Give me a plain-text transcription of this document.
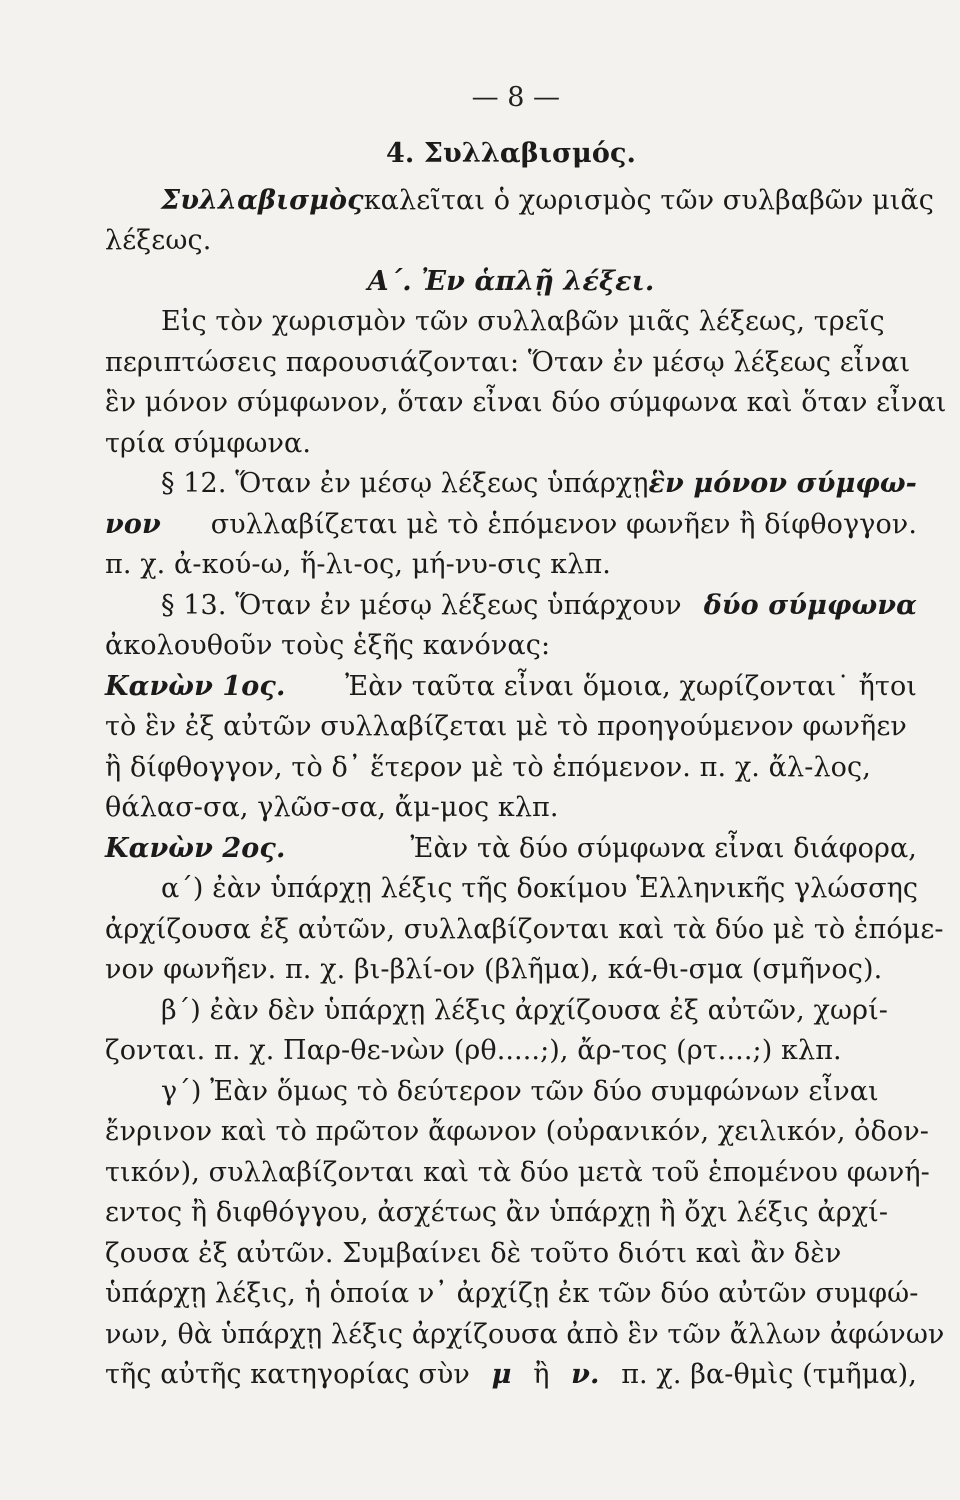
— 8 —
4. Συλλαβισμός.
Συλλαβισμὸς καλεῖται ὁ χωρισμὸς τῶν συλβαβῶν μιᾶς
λέξεως.
Α΄. Ἐν ἁπλῇ λέξει.
Εἰς τὸν χωρισμὸν τῶν συλλαβῶν μιᾶς λέξεως, τρεῖς
περιπτώσεις παρουσιάζονται: Ὅταν ἐν μέσῳ λέξεως εἶναι
ἓν μόνον σύμφωνον, ὅταν εἶναι δύο σύμφωνα καὶ ὅταν εἶναι
τρία σύμφωνα.
§ 12. Ὅταν ἐν μέσῳ λέξεως ὑπάρχῃ ἓν μόνον σύμφω-
νον συλλαβίζεται μὲ τὸ ἑπόμενον φωνῆεν ἢ δίφθογγον.
π. χ. ἀ-κού-ω, ἥ-λι-ος, μή-νυ-σις κλπ.
§ 13. Ὅταν ἐν μέσῳ λέξεως ὑπάρχουν δύο σύμφωνα
ἀκολουθοῦν τοὺς ἑξῆς κανόνας:
Κανὼν 1ος. Ἐὰν ταῦτα εἶναι ὅμοια, χωρίζονται˙ ἤτοι
τὸ ἓν ἐξ αὐτῶν συλλαβίζεται μὲ τὸ προηγούμενον φωνῆεν
ἢ δίφθογγον, τὸ δ᾽ ἕτερον μὲ τὸ ἑπόμενον. π. χ. ἄλ-λος,
θάλασ-σα, γλῶσ-σα, ἄμ-μος κλπ.
Κανὼν 2ος.	Ἐὰν τὰ δύο σύμφωνα εἶναι διάφορα,
α΄) ἐὰν ὑπάρχῃ λέξις τῆς δοκίμου Ἑλληνικῆς γλώσσης
ἀρχίζουσα ἐξ αὐτῶν, συλλαβίζονται καὶ τὰ δύο μὲ τὸ ἑπόμε-
νον φωνῆεν. π. χ. βι-βλί-ον (βλῆμα), κά-θι-σμα (σμῆνος).
β΄) ἐὰν δὲν ὑπάρχῃ λέξις ἀρχίζουσα ἐξ αὐτῶν, χωρί-
ζονται. π. χ. Παρ-θε-νὼν (ρθ.....;), ἄρ-τος (ρτ....;) κλπ.
γ΄) Ἐὰν ὅμως τὸ δεύτερον τῶν δύο συμφώνων εἶναι
ἔνρινον καὶ τὸ πρῶτον ἄφωνον (οὐρανικόν, χειλικόν, ὀδον-
τικόν), συλλαβίζονται καὶ τὰ δύο μετὰ τοῦ ἑπομένου φωνή-
εντος ἢ διφθόγγου, ἀσχέτως ἂν ὑπάρχῃ ἢ ὄχι λέξις ἀρχί-
ζουσα ἐξ αὐτῶν. Συμβαίνει δὲ τοῦτο διότι καὶ ἂν δὲν
ὑπάρχῃ λέξις, ἡ ὁποία ν᾽ ἀρχίζῃ ἐκ τῶν δύο αὐτῶν συμφώ-
νων, θὰ ὑπάρχῃ λέξις ἀρχίζουσα ἀπὸ ἓν τῶν ἄλλων ἀφώνων
τῆς αὐτῆς κατηγορίας σὺν μ ἢ ν. π. χ. βα-θμὶς (τμῆμα),
